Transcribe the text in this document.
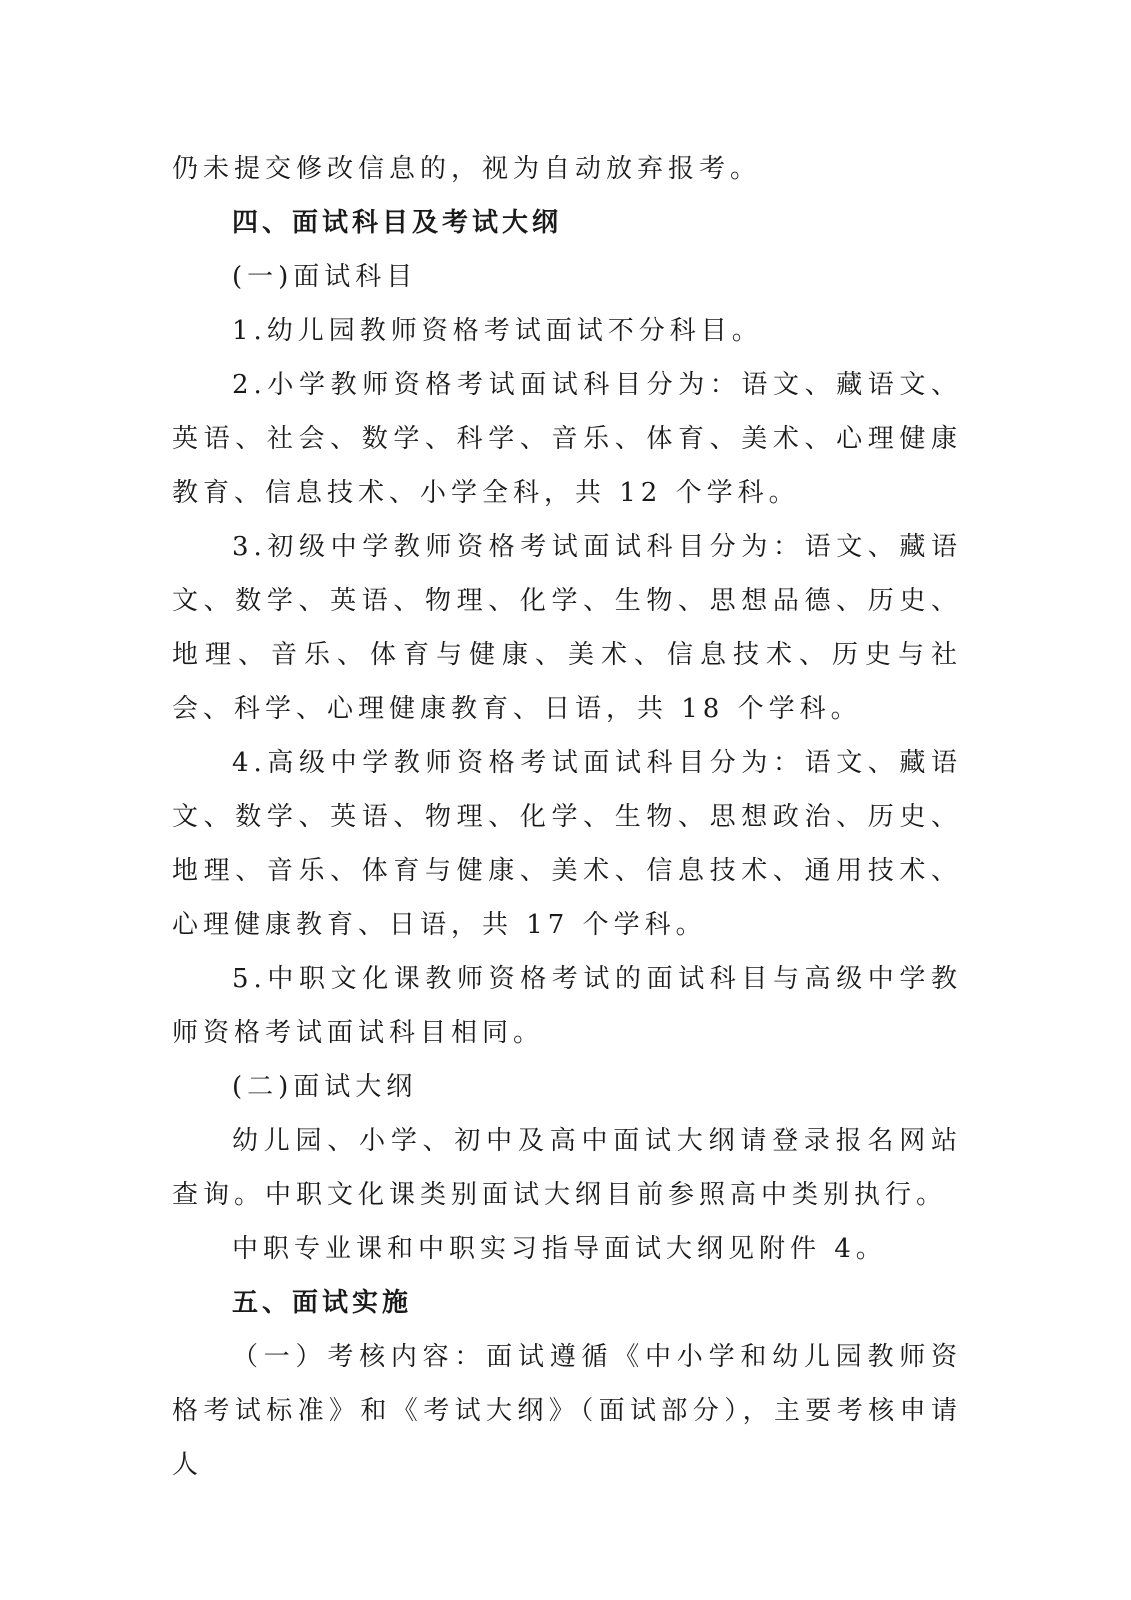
仍未提交修改信息的，视为自动放弃报考。

四、面试科目及考试大纲

(一)面试科目

1.幼儿园教师资格考试面试不分科目。

2.小学教师资格考试面试科目分为：语文、藏语文、英语、社会、数学、科学、音乐、体育、美术、心理健康教育、信息技术、小学全科，共 12 个学科。

3.初级中学教师资格考试面试科目分为：语文、藏语文、数学、英语、物理、化学、生物、思想品德、历史、地理、音乐、体育与健康、美术、信息技术、历史与社会、科学、心理健康教育、日语，共 18 个学科。

4.高级中学教师资格考试面试科目分为：语文、藏语文、数学、英语、物理、化学、生物、思想政治、历史、地理、音乐、体育与健康、美术、信息技术、通用技术、心理健康教育、日语，共 17 个学科。

5.中职文化课教师资格考试的面试科目与高级中学教师资格考试面试科目相同。

(二)面试大纲

幼儿园、小学、初中及高中面试大纲请登录报名网站查询。中职文化课类别面试大纲目前参照高中类别执行。

中职专业课和中职实习指导面试大纲见附件 4。

五、面试实施

（一）考核内容：面试遵循《中小学和幼儿园教师资格考试标准》和《考试大纲》（面试部分），主要考核申请人
